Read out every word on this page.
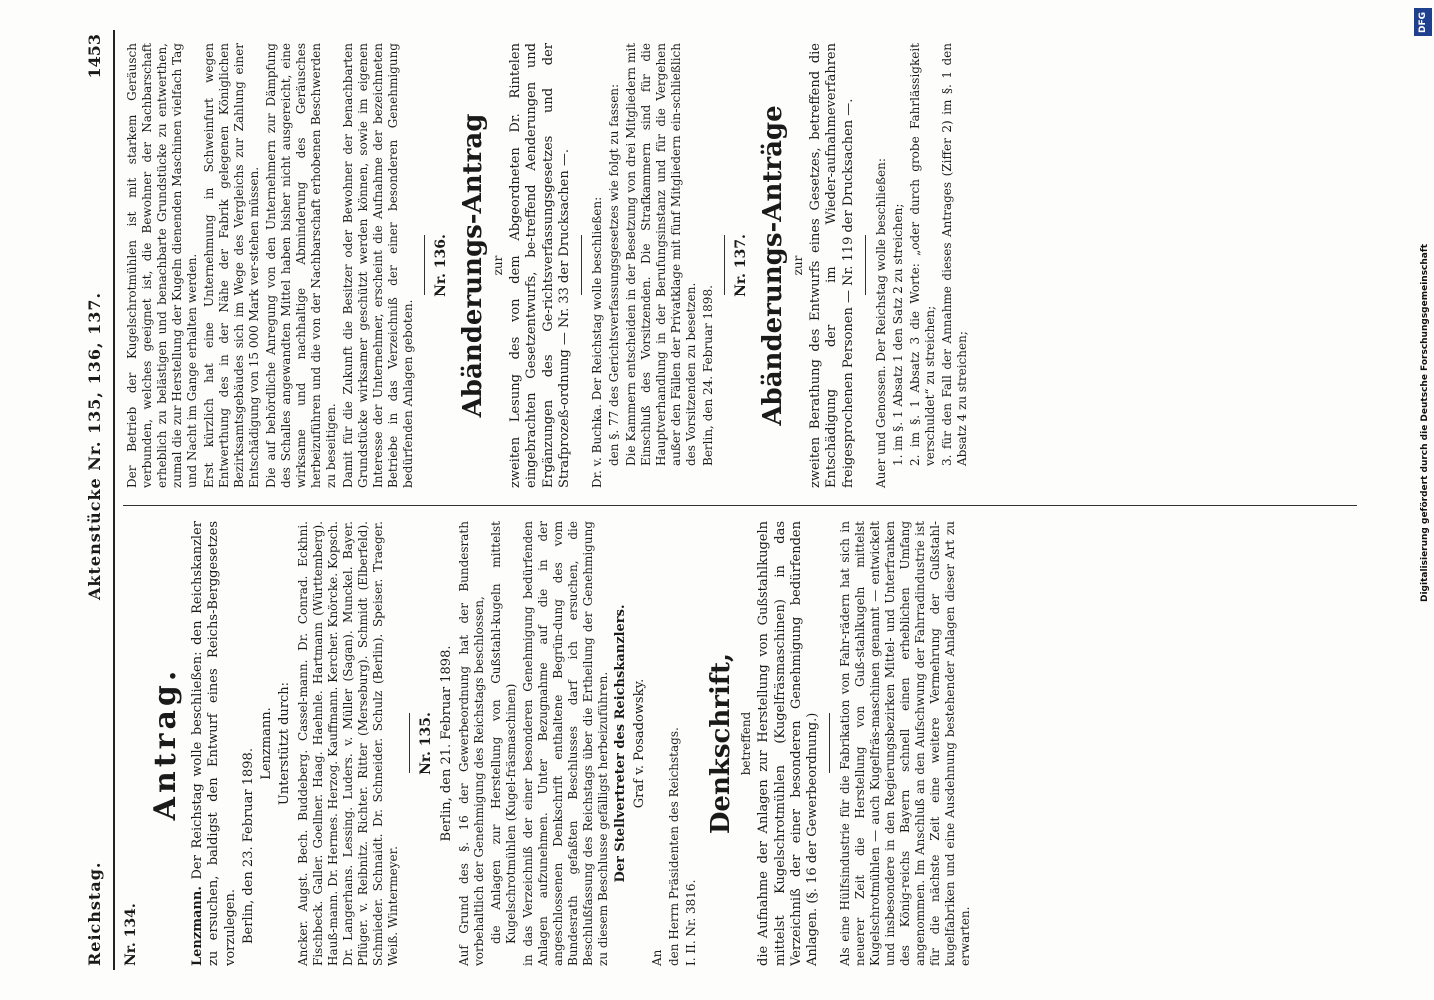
Reichstag.
Aktenstücke Nr. 135, 136, 137.
1453
Nr. 134.
Antrag.

Lenzmann. Der Reichstag wolle beschließen: den Reichskanzler zu ersuchen, baldigst den Entwurf eines Reichs-Berggesetzes vorzulegen. Berlin, den 23. Februar 1898.

Lenzmann. Unterstützt durch: Ancker. Augst. Bech. Buddeberg. Cassel-mann. Dr. Conrad. Eckhni. Fischbeck. Galler. Goellner. Haag. Haehnle. Hartmann (Württemberg). Hauß-mann. Dr. Hermes. Herzog. Kauffmann. Kercher. Knörcke. Kopsch. Dr. Langerhans. Lessing. Luders. v. Müller (Sagan). Munckel. Bayer. Pflüger. v. Reibnitz. Richter. Ritter (Merseburg). Schmidt (Elberfeld). Schmieder. Schnaidt. Dr. Schneider. Schulz (Berlin). Speiser. Traeger. Weiß. Wintermeyer.

Nr. 135. Berlin, den 21. Februar 1898. Auf Grund des §. 16 der Gewerbeordnung hat der Bundesrath vorbehaltlich der Genehmigung des Reichstags beschlossen, die Anlagen zur Herstellung von Gußstahl-kugeln mittelst Kugelschrotmühlen (Kugel-fräsmaschinen) in das Verzeichniß der einer besonderen Genehmigung bedürfenden Anlagen aufzunehmen. Unter Bezugnahme auf die in der angeschlossenen Denkschrift enthaltene Begrün-dung des vom Bundesrath gefaßten Beschlusses darf ich ersuchen, die Beschlußfassung des Reichstags über die Ertheilung der Genehmigung zu diesem Beschlusse gefälligst herbeizuführen. Der Stellvertreter des Reichskanzlers. Graf v. Posadowsky.

An den Herrn Präsidenten des Reichstags. I. II. Nr. 3816.

Denkschrift, betreffend die Aufnahme der Anlagen zur Herstellung von Gußstahlkugeln mittelst Kugelschrotmühlen (Kugelfräsmaschinen) in das Verzeichniß der einer besonderen Genehmigung bedürfenden Anlagen. (§. 16 der Gewerbeordnung.) Als eine Hülfsindustrie für die Fabrikation von Fahr-rädern hat sich in neuerer Zeit die Herstellung von Guß-stahlkugeln mittelst Kugelschrotmühlen — auch Kugelfräs-maschinen genannt — entwickelt und insbesondere in den Regierungsbezirken Mittel- und Unterfranken des König-reichs Bayern schnell einen erheblichen Umfang angenommen. Im Anschluß an den Aufschwung der Fahrradindustrie ist für die nächste Zeit eine weitere Vermehrung der Gußstahl-kugelfabriken und eine Ausdehnung bestehender Anlagen dieser Art zu erwarten.

Der Betrieb der Kugelschrotmühlen ist mit starkem Geräusch verbunden, welches geeignet ist, die Bewohner der Nachbarschaft erheblich zu belästigen und benachbarte Grundstücke zu entwerthen, zumal die zur Herstellung der Kugeln dienenden Maschinen vielfach Tag und Nacht im Gange erhalten werden. Erst kürzlich hat eine Unternehmung in Schweinfurt wegen Entwerthung des in der Nähe der Fabrik gelegenen Königlichen Bezirksamtsgebäudes sich im Wege des Vergleichs zur Zahlung einer Entschädigung von 15 000 Mark ver-stehen müssen. Die auf behördliche Anregung von den Unternehmern zur Dämpfung des Schalles angewandten Mittel haben bisher nicht ausgereicht, eine wirksame und nachhaltige Abminderung des Geräusches herbeizuführen und die von der Nachbarschaft erhobenen Beschwerden zu beseitigen. Damit für die Zukunft die Besitzer oder Bewohner der benachbarten Grundstücke wirksamer geschützt werden können, sowie im eigenen Interesse der Unternehmer, erscheint die Aufnahme der bezeichneten Betriebe in das Verzeichniß der einer besonderen Genehmigung bedürfenden Anlagen geboten.

Nr. 136. Abänderungs-Antrag zur zweiten Lesung des von dem Abgeordneten Dr. Rintelen eingebrachten Gesetzentwurfs, be-treffend Aenderungen und Ergänzungen des Ge-richtsverfassungsgesetzes und der Strafprozeß-ordnung — Nr. 33 der Drucksachen —. Dr. v. Buchka. Der Reichstag wolle beschließen: den §. 77 des Gerichtsverfassungsgesetzes wie folgt zu fassen: Die Kammern entscheiden in der Besetzung von drei Mitgliedern mit Einschluß des Vorsitzenden. Die Strafkammern sind für die Hauptverhandlung in der Berufungsinstanz und für die Vergehen außer den Fällen der Privatklage mit fünf Mitgliedern ein-schließlich des Vorsitzenden zu besetzen. Berlin, den 24. Februar 1898.

Nr. 137. Abänderungs-Anträge zur zweiten Berathung des Entwurfs eines Gesetzes, betreffend die Entschädigung der im Wieder-aufnahmeverfahren freigesprochenen Personen — Nr. 119 der Drucksachen —. Auer und Genossen. Der Reichstag wolle beschließen: 1. im §. 1 Absatz 1 den Satz 2 zu streichen; 2. im §. 1 Absatz 3 die Worte: „oder durch grobe Fahrlässigkeit verschuldet“ zu streichen; 3. für den Fall der Annahme dieses Antrages (Ziffer 2) im §. 1 den Absatz 4 zu streichen;

DFG
Digitalisierung gefördert durch die Deutsche Forschungsgemeinschaft
